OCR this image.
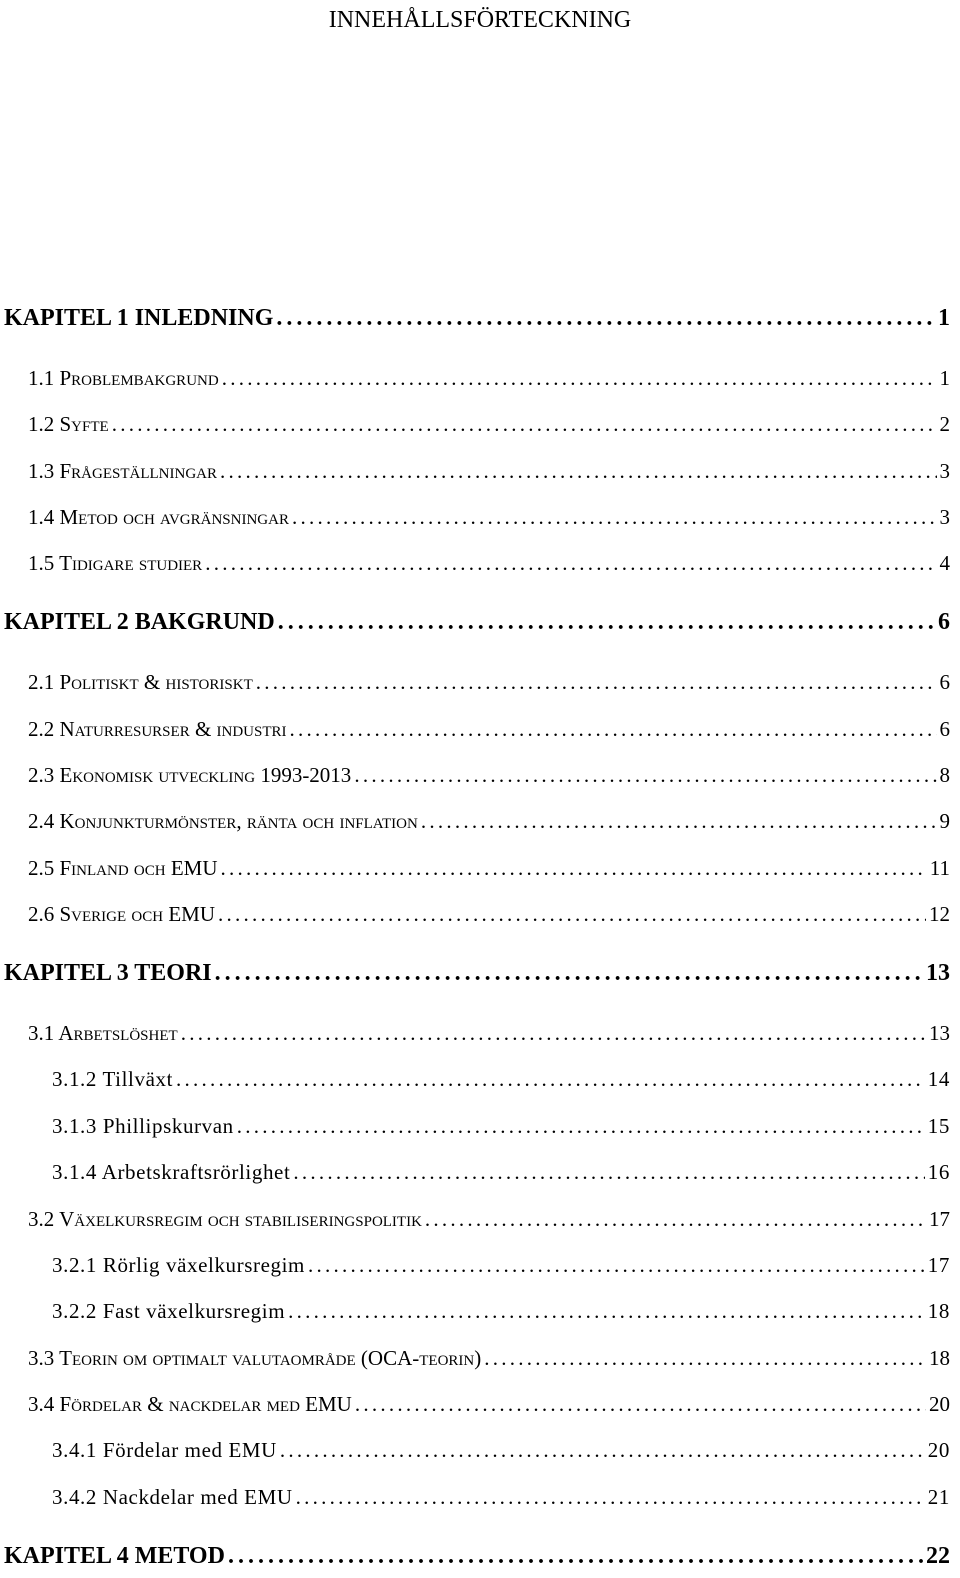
INNEHÅLLSFÖRTECKNING
KAPITEL 1 INLEDNING . . .	1
1.1 Problembakgrund . . .	1
1.2 Syfte . . .	2
1.3 Frågeställningar . . .	3
1.4 Metod och avgränsningar . . .	3
1.5 Tidigare studier . . .	4
KAPITEL 2 BAKGRUND . . .	6
2.1 Politiskt & historiskt . . .	6
2.2 Naturresurser & industri . . .	6
2.3 Ekonomisk utveckling 1993-2013 . . .	8
2.4 Konjunkturmönster, ränta och inflation . . .	9
2.5 Finland och EMU . . .	11
2.6 Sverige och EMU . . .	12
KAPITEL 3 TEORI . . .	13
3.1 Arbetslöshet . . .	13
3.1.2 Tillväxt . . .	14
3.1.3 Phillipskurvan . . .	15
3.1.4 Arbetskraftsrörlighet . . .	16
3.2 Växelkursregim och stabiliseringspolitik . . .	17
3.2.1 Rörlig växelkursregim . . .	17
3.2.2 Fast växelkursregim . . .	18
3.3 Teorin om optimalt valutaområde (OCA-teorin) . . .	18
3.4 Fördelar & nackdelar med EMU . . .	20
3.4.1 Fördelar med EMU . . .	20
3.4.2 Nackdelar med EMU . . .	21
KAPITEL 4 METOD . . .	22
